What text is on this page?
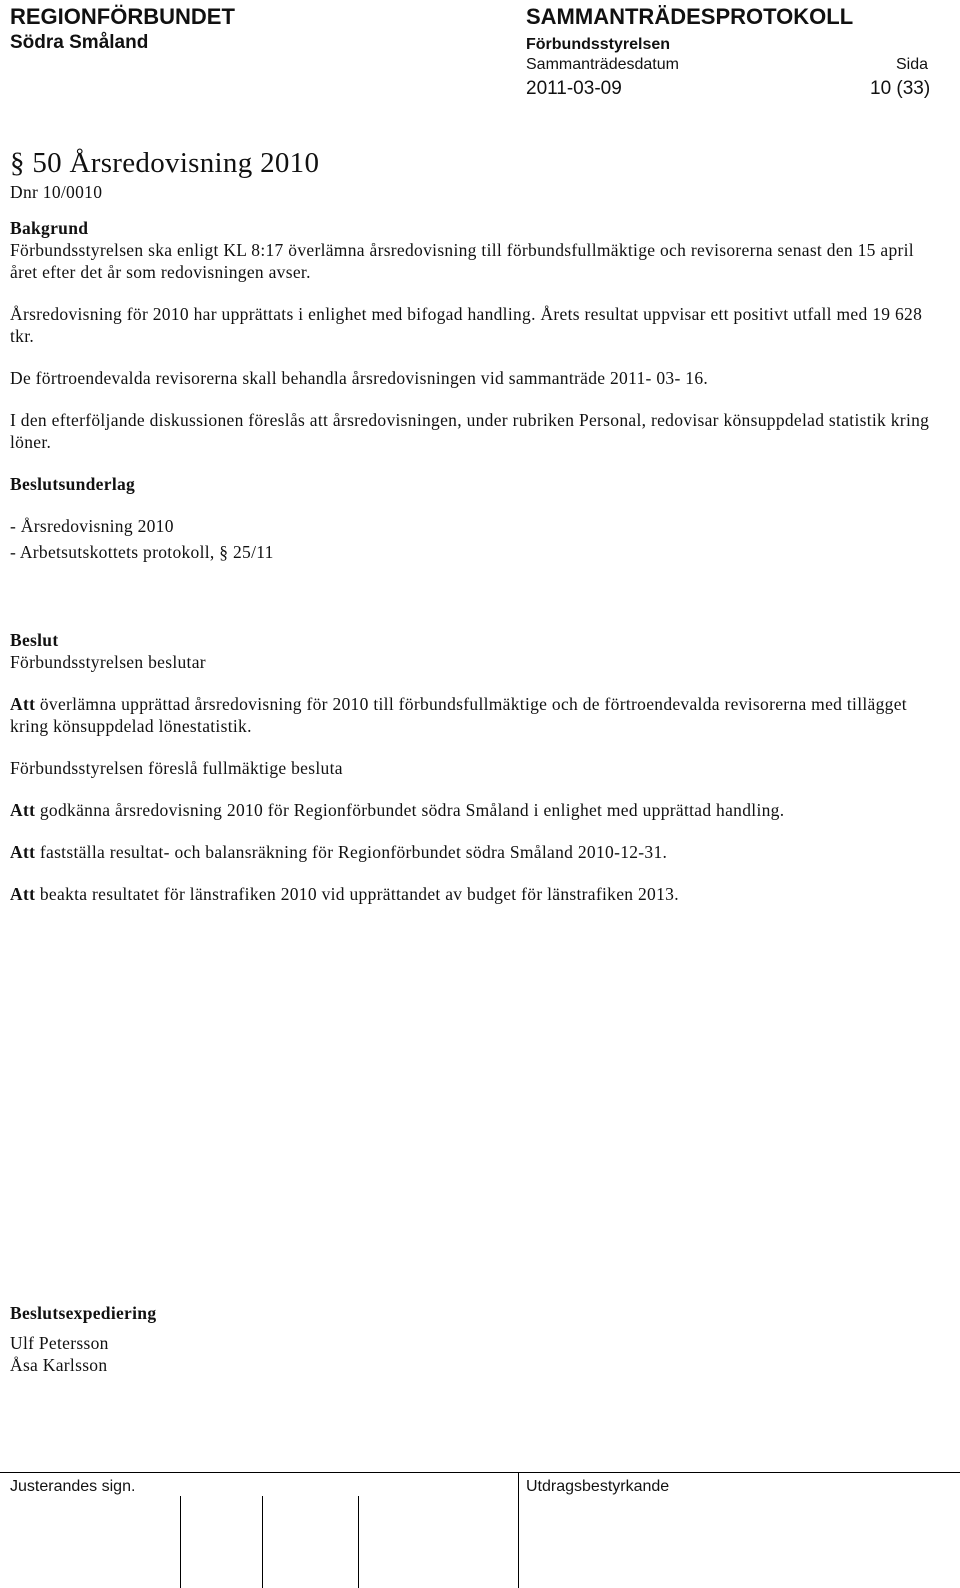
REGIONFÖRBUNDET
Södra Småland
SAMMANTRÄDESPROTOKOLL
Förbundsstyrelsen
Sammanträdesdatum	Sida
2011-03-09	10 (33)
§ 50 Årsredovisning 2010
Dnr 10/0010
Bakgrund

Förbundsstyrelsen ska enligt KL 8:17 överlämna årsredovisning till förbundsfullmäktige och revisorerna senast den 15 april året efter det år som redovisningen avser.

Årsredovisning för 2010 har upprättats i enlighet med bifogad handling. Årets resultat uppvisar ett positivt utfall med 19 628 tkr.

De förtroendevalda revisorerna skall behandla årsredovisningen vid sammanträde 2011- 03- 16.

I den efterföljande diskussionen föreslås att årsredovisningen, under rubriken Personal, redovisar könsuppdelad statistik kring löner.

Beslutsunderlag
- Årsredovisning 2010
- Arbetsutskottets protokoll, § 25/11
Beslut

Förbundsstyrelsen beslutar

Att överlämna upprättad årsredovisning för 2010 till förbundsfullmäktige och de förtroendevalda revisorerna med tillägget kring könsuppdelad lönestatistik.

Förbundsstyrelsen föreslå fullmäktige besluta

Att godkänna årsredovisning 2010 för Regionförbundet södra Småland i enlighet med upprättad handling.

Att fastställa resultat- och balansräkning för Regionförbundet södra Småland 2010-12-31.

Att beakta resultatet för länstrafiken 2010 vid upprättandet av budget för länstrafiken 2013.

Beslutsexpediering
Ulf Petersson
Åsa Karlsson
Justerandes sign.	Utdragsbestyrkande
